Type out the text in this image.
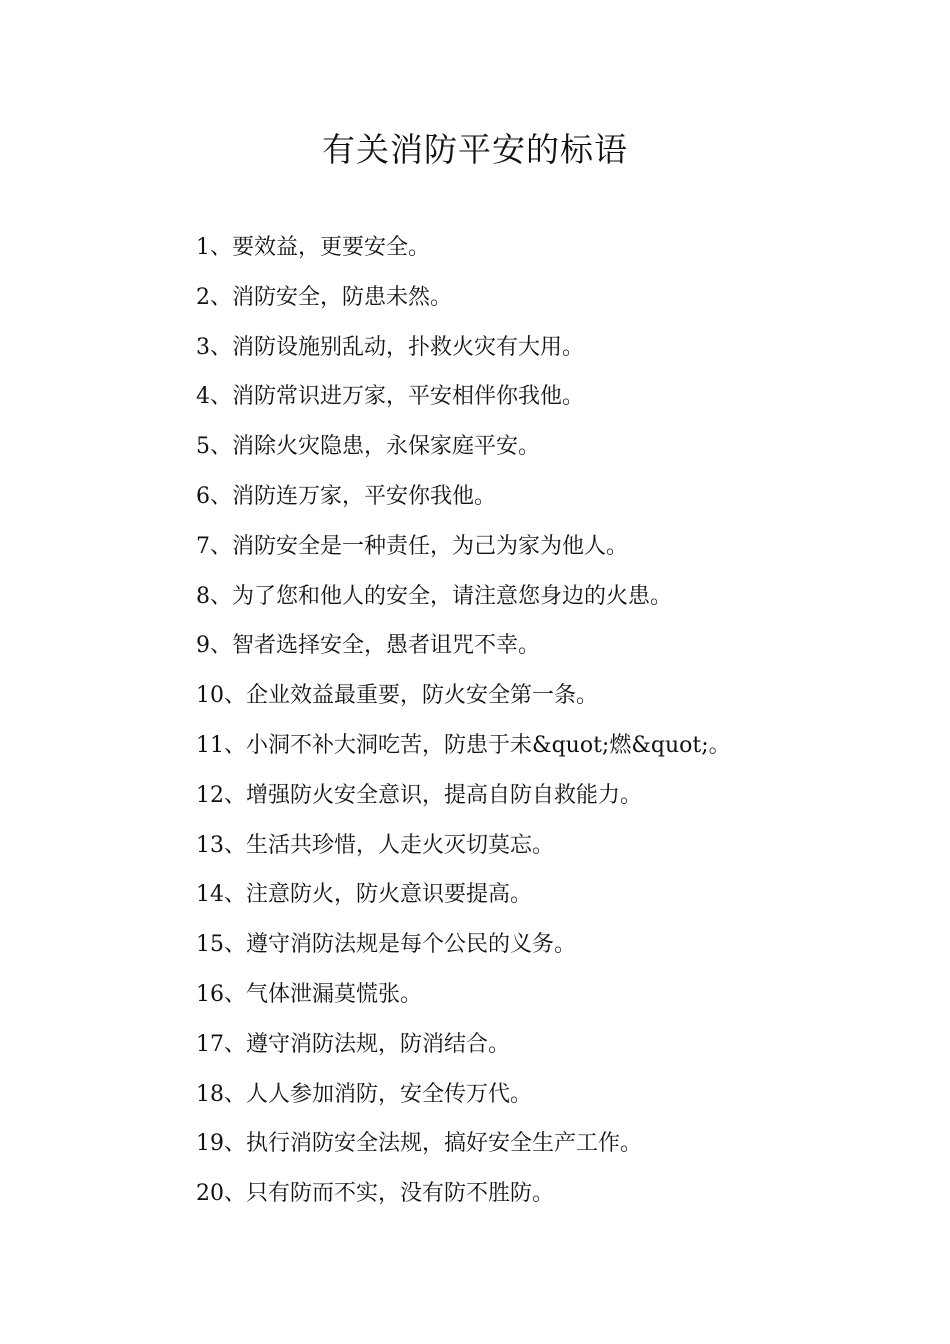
有关消防平安的标语
1、要效益，更要安全。
2、消防安全，防患未然。
3、消防设施别乱动，扑救火灾有大用。
4、消防常识进万家，平安相伴你我他。
5、消除火灾隐患，永保家庭平安。
6、消防连万家，平安你我他。
7、消防安全是一种责任，为己为家为他人。
8、为了您和他人的安全，请注意您身边的火患。
9、智者选择安全，愚者诅咒不幸。
10、企业效益最重要，防火安全第一条。
11、小洞不补大洞吃苦，防患于未&quot;燃&quot;。
12、增强防火安全意识，提高自防自救能力。
13、生活共珍惜，人走火灭切莫忘。
14、注意防火，防火意识要提高。
15、遵守消防法规是每个公民的义务。
16、气体泄漏莫慌张。
17、遵守消防法规，防消结合。
18、人人参加消防，安全传万代。
19、执行消防安全法规，搞好安全生产工作。
20、只有防而不实，没有防不胜防。
